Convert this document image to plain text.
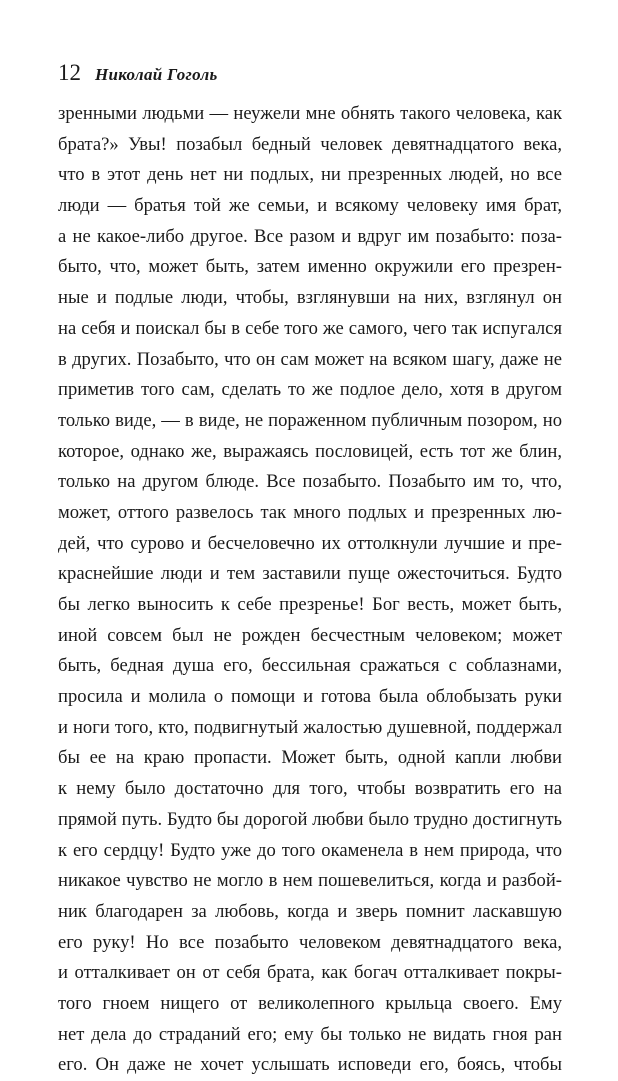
12 Николай Гоголь
зренными людьми — неужели мне обнять такого человека, как
брата?» Увы! позабыл бедный человек девятнадцатого века,
что в этот день нет ни подлых, ни презренных людей, но все
люди — братья той же семьи, и всякому человеку имя брат,
а не какое-либо другое. Все разом и вдруг им позабыто: поза-
быто, что, может быть, затем именно окружили его презрен-
ные и подлые люди, чтобы, взглянувши на них, взглянул он
на себя и поискал бы в себе того же самого, чего так испугался
в других. Позабыто, что он сам может на всяком шагу, даже не
приметив того сам, сделать то же подлое дело, хотя в другом
только виде, — в виде, не пораженном публичным позором, но
которое, однако же, выражаясь пословицей, есть тот же блин,
только на другом блюде. Все позабыто. Позабыто им то, что,
может, оттого развелось так много подлых и презренных лю-
дей, что сурово и бесчеловечно их оттолкнули лучшие и пре-
краснейшие люди и тем заставили пуще ожесточиться. Будто
бы легко выносить к себе презренье! Бог весть, может быть,
иной совсем был не рожден бесчестным человеком; может
быть, бедная душа его, бессильная сражаться с соблазнами,
просила и молила о помощи и готова была облобызать руки
и ноги того, кто, подвигнутый жалостью душевной, поддержал
бы ее на краю пропасти. Может быть, одной капли любви
к нему было достаточно для того, чтобы возвратить его на
прямой путь. Будто бы дорогой любви было трудно достигнуть
к его сердцу! Будто уже до того окаменела в нем природа, что
никакое чувство не могло в нем пошевелиться, когда и разбой-
ник благодарен за любовь, когда и зверь помнит ласкавшую
его руку! Но все позабыто человеком девятнадцатого века,
и отталкивает он от себя брата, как богач отталкивает покры-
того гноем нищего от великолепного крыльца своего. Ему
нет дела до страданий его; ему бы только не видать гноя ран
его. Он даже не хочет услышать исповеди его, боясь, чтобы
